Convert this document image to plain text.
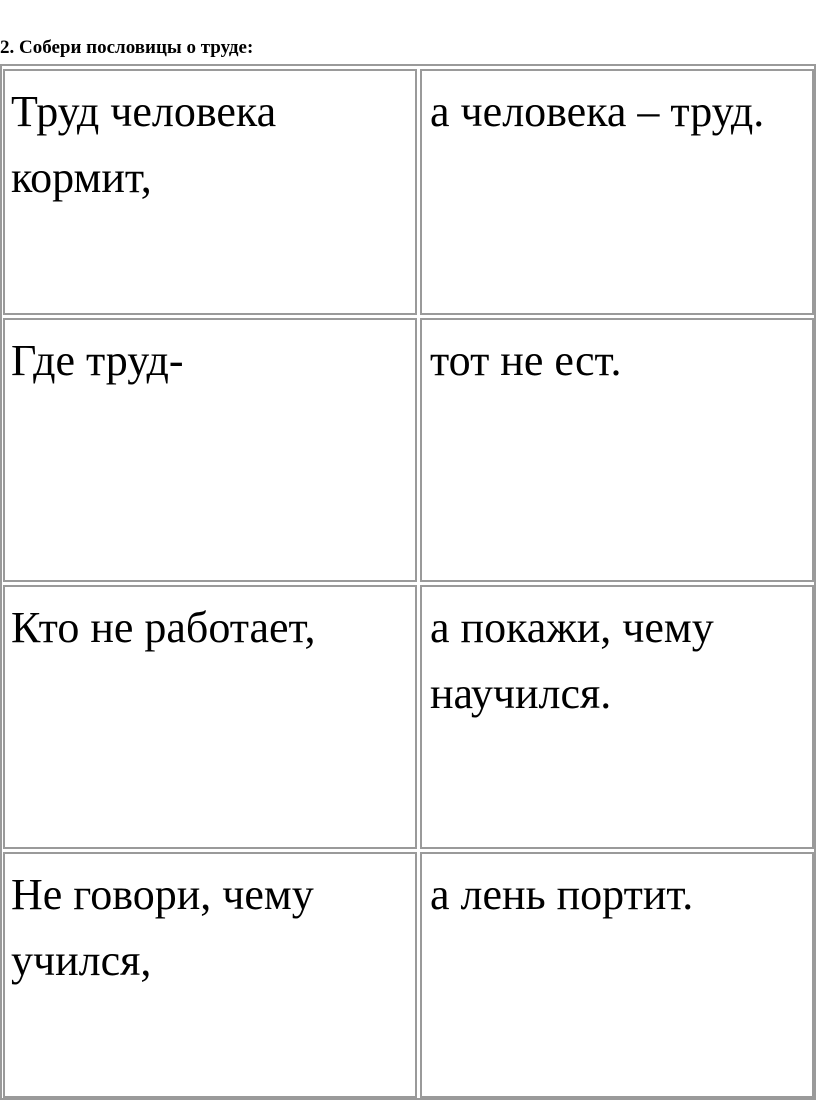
2. Собери пословицы о труде:
Труд человека кормит,
а человека – труд.
Где труд-	тот не ест.
Кто не работает,	а покажи, чему научился.
Не говори, чему учился,
а лень портит.
